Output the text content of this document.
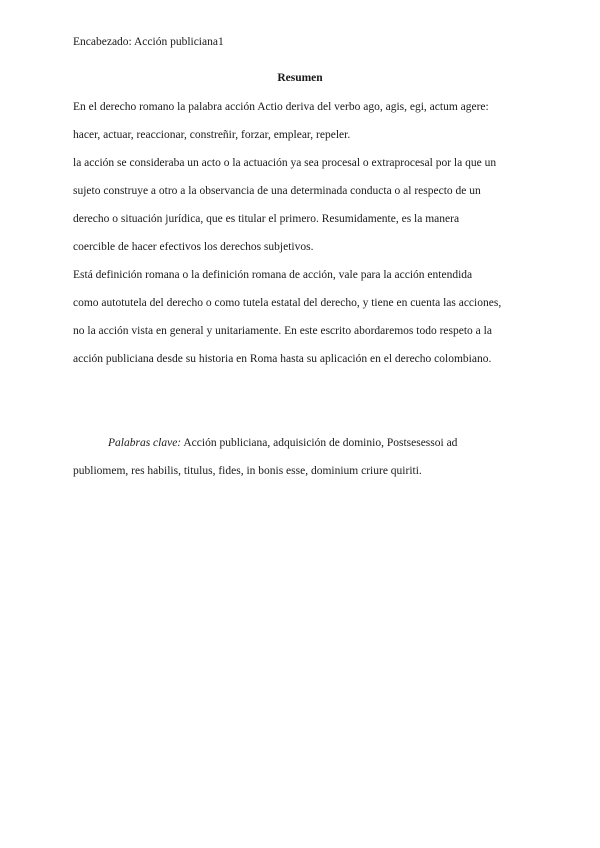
Encabezado: Acción publiciana1
Resumen
En el derecho romano la palabra acción Actio deriva del verbo ago, agis, egi, actum agere:
hacer, actuar, reaccionar, constreñir, forzar, emplear, repeler.
la acción se consideraba un acto o la actuación ya sea procesal o extraprocesal por la que un
sujeto construye a otro a la observancia de una determinada conducta o al respecto de un
derecho o situación jurídica, que es titular el primero. Resumidamente, es la manera
coercible de hacer efectivos los derechos subjetivos.
Está definición romana o la definición romana de acción, vale para la acción entendida
como autotutela del derecho o como tutela estatal del derecho, y tiene en cuenta las acciones,
no la acción vista en general y unitariamente. En este escrito abordaremos todo respeto a la
acción publiciana desde su historia en Roma hasta su aplicación en el derecho colombiano.
Palabras clave: Acción publiciana, adquisición de dominio, Postsesessoi ad
publiomem, res habilis, titulus, fides, in bonis esse, dominium criure quiriti.
